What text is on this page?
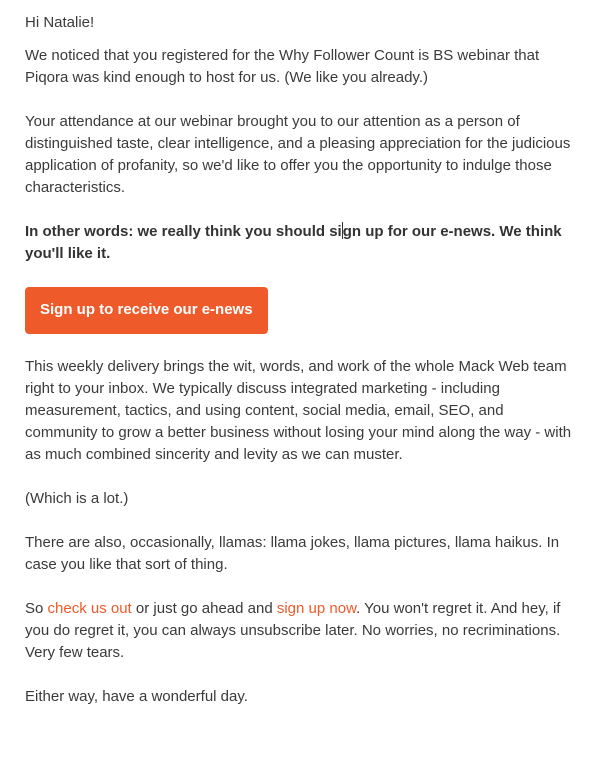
Hi Natalie!

We noticed that you registered for the Why Follower Count is BS webinar that Piqora was kind enough to host for us. (We like you already.)

Your attendance at our webinar brought you to our attention as a person of distinguished taste, clear intelligence, and a pleasing appreciation for the judicious application of profanity, so we'd like to offer you the opportunity to indulge those characteristics.

In other words: we really think you should sign up for our e-news. We think you'll like it.

Sign up to receive our e-news

This weekly delivery brings the wit, words, and work of the whole Mack Web team right to your inbox. We typically discuss integrated marketing - including measurement, tactics, and using content, social media, email, SEO, and community to grow a better business without losing your mind along the way - with as much combined sincerity and levity as we can muster.

(Which is a lot.)

There are also, occasionally, llamas: llama jokes, llama pictures, llama haikus. In case you like that sort of thing.

So check us out or just go ahead and sign up now. You won't regret it. And hey, if you do regret it, you can always unsubscribe later. No worries, no recriminations. Very few tears.

Either way, have a wonderful day.
